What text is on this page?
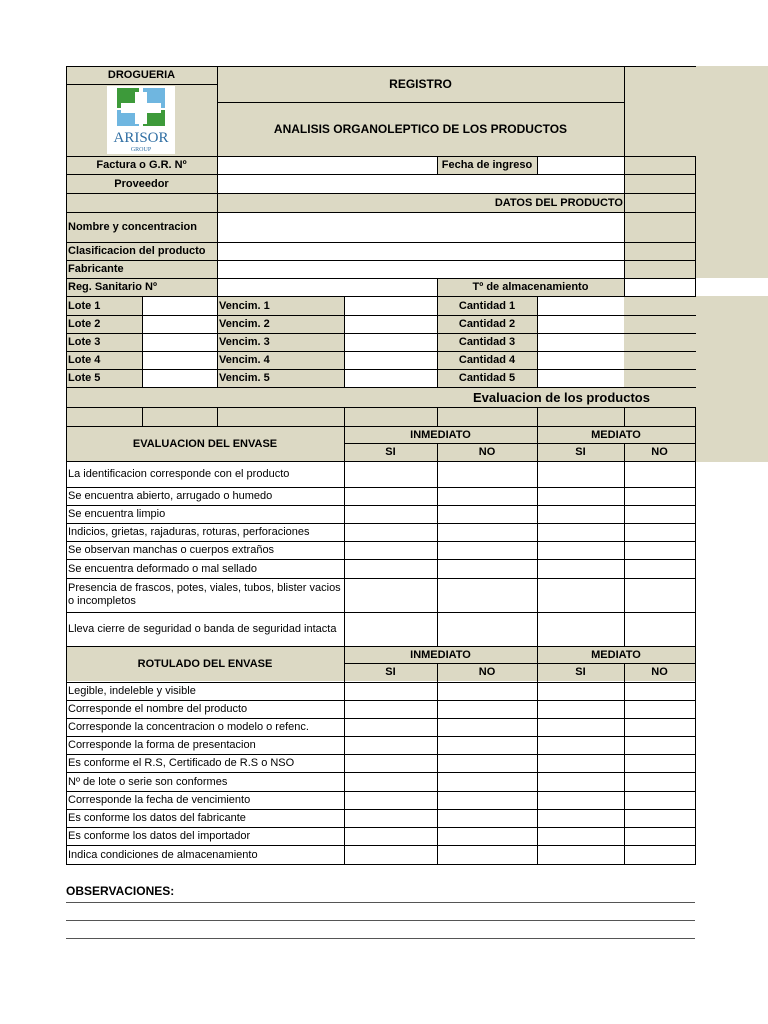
DROGUERIA
REGISTRO
ANALISIS ORGANOLEPTICO DE LOS PRODUCTOS
ARISOR
GROUP
Factura o G.R. Nº	Fecha de ingreso
Proveedor
DATOS DEL PRODUCTO
Nombre y concentracion
Clasificacion del producto
Fabricante
Reg. Sanitario Nº	Tº de almacenamiento
Lote 1	Vencim. 1	Cantidad 1
Lote 2	Vencim. 2	Cantidad 2
Lote 3	Vencim. 3	Cantidad 3
Lote 4	Vencim. 4	Cantidad 4
Lote 5	Vencim. 5	Cantidad 5
Evaluacion de los productos
EVALUACION DEL ENVASE
INMEDIATO	MEDIATO
SI	NO	SI	NO
La identificacion corresponde con el producto
Se encuentra abierto, arrugado o humedo
Se encuentra limpio
Indicios, grietas, rajaduras, roturas, perforaciones
Se observan manchas o cuerpos extraños
Se encuentra deformado o mal sellado
Presencia de frascos, potes, viales, tubos, blister vacios o incompletos
Lleva cierre de seguridad o banda de seguridad intacta
ROTULADO DEL ENVASE
INMEDIATO	MEDIATO
SI	NO	SI	NO
Legible, indeleble y visible
Corresponde el nombre del producto
Corresponde la concentracion o modelo o refenc.
Corresponde la forma de presentacion
Es conforme el R.S, Certificado de R.S o NSO
Nº de lote o serie son conformes
Corresponde la fecha de vencimiento
Es conforme los datos del fabricante
Es conforme los datos del importador
Indica condiciones de almacenamiento
OBSERVACIONES:
